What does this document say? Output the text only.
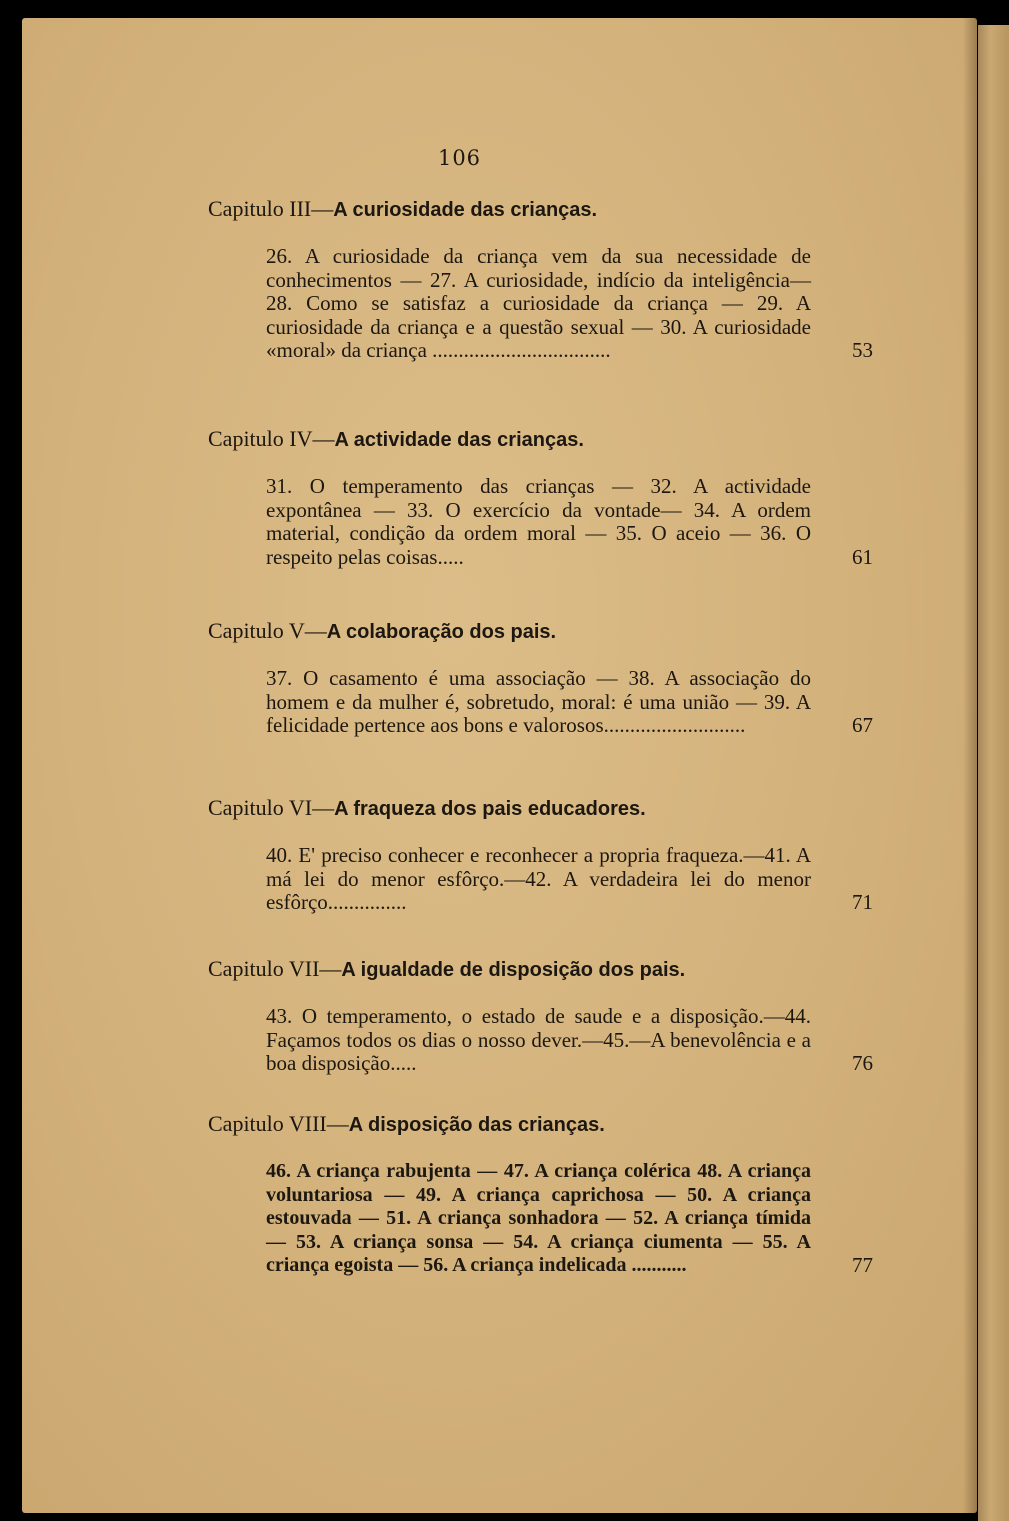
106
Capitulo III—A curiosidade das crianças.
26. A curiosidade da criança vem da sua necessidade de conhecimentos — 27. A curiosidade, indício da inteligência—28. Como se satisfaz a curiosidade da criança — 29. A curiosidade da criança e a questão sexual — 30. A curiosidade «moral» da criança ..................................	53
Capitulo IV—A actividade das crianças.
31. O temperamento das crianças — 32. A actividade expontânea — 33. O exercício da vontade— 34. A ordem material, condição da ordem moral — 35. O aceio — 36. O respeito pelas coisas.....	61
Capitulo V—A colaboração dos pais.
37. O casamento é uma associação — 38. A associação do homem e da mulher é, sobretudo, moral: é uma união — 39. A felicidade pertence aos bons e valorosos...........................	67
Capitulo VI—A fraqueza dos pais educadores.
40. E' preciso conhecer e reconhecer a propria fraqueza.—41. A má lei do menor esfôrço.—42. A verdadeira lei do menor esfôrço...............	71
Capitulo VII—A igualdade de disposição dos pais.
43. O temperamento, o estado de saude e a disposição.—44. Façamos todos os dias o nosso dever.—45.—A benevolência e a boa disposição.....	76
Capitulo VIII—A disposição das crianças.
46. A criança rabujenta — 47. A criança colérica 48. A criança voluntariosa — 49. A criança caprichosa — 50. A criança estouvada — 51. A criança sonhadora — 52. A criança tímida — 53. A criança sonsa — 54. A criança ciumenta — 55. A criança egoista — 56. A criança indelicada ...........	77
